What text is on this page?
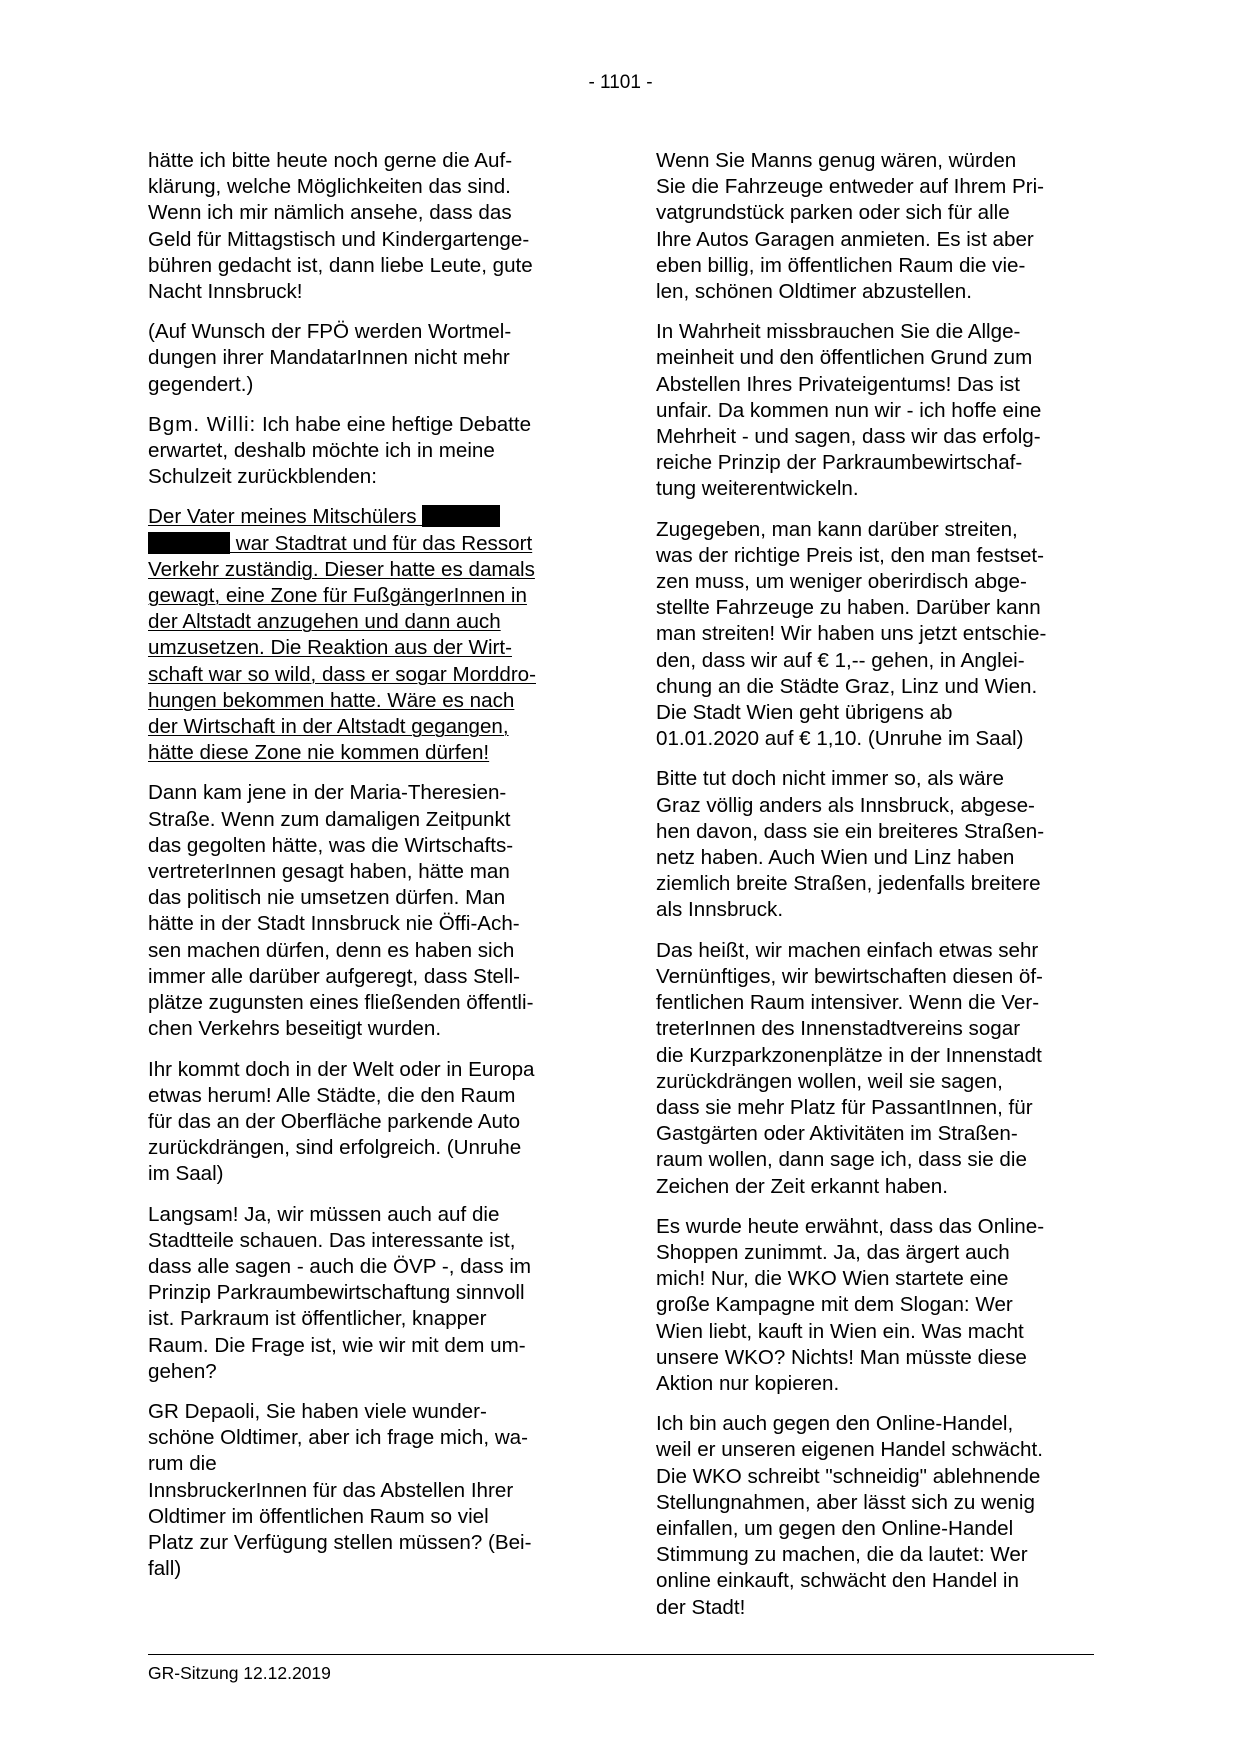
- 1101 -

hätte ich bitte heute noch gerne die Auf-
klärung, welche Möglichkeiten das sind.
Wenn ich mir nämlich ansehe, dass das
Geld für Mittagstisch und Kindergartenge-
bühren gedacht ist, dann liebe Leute, gute
Nacht Innsbruck!

(Auf Wunsch der FPÖ werden Wortmel-
dungen ihrer MandatarInnen nicht mehr
gegendert.)

Bgm. Willi: Ich habe eine heftige Debatte
erwartet, deshalb möchte ich in meine
Schulzeit zurückblenden:

Der Vater meines Mitschülers
war Stadtrat und für das Ressort
Verkehr zuständig. Dieser hatte es damals
gewagt, eine Zone für FußgängerInnen in
der Altstadt anzugehen und dann auch
umzusetzen. Die Reaktion aus der Wirt-
schaft war so wild, dass er sogar Morddro-
hungen bekommen hatte. Wäre es nach
der Wirtschaft in der Altstadt gegangen,
hätte diese Zone nie kommen dürfen!

Dann kam jene in der Maria-Theresien-
Straße. Wenn zum damaligen Zeitpunkt
das gegolten hätte, was die Wirtschafts-
vertreterInnen gesagt haben, hätte man
das politisch nie umsetzen dürfen. Man
hätte in der Stadt Innsbruck nie Öffi-Ach-
sen machen dürfen, denn es haben sich
immer alle darüber aufgeregt, dass Stell-
plätze zugunsten eines fließenden öffentli-
chen Verkehrs beseitigt wurden.

Ihr kommt doch in der Welt oder in Europa
etwas herum! Alle Städte, die den Raum
für das an der Oberfläche parkende Auto
zurückdrängen, sind erfolgreich. (Unruhe
im Saal)

Langsam! Ja, wir müssen auch auf die
Stadtteile schauen. Das interessante ist,
dass alle sagen - auch die ÖVP -, dass im
Prinzip Parkraumbewirtschaftung sinnvoll
ist. Parkraum ist öffentlicher, knapper
Raum. Die Frage ist, wie wir mit dem um-
gehen?

GR Depaoli, Sie haben viele wunder-
schöne Oldtimer, aber ich frage mich, wa-
rum die
InnsbruckerInnen für das Abstellen Ihrer
Oldtimer im öffentlichen Raum so viel
Platz zur Verfügung stellen müssen? (Bei-
fall)

Wenn Sie Manns genug wären, würden
Sie die Fahrzeuge entweder auf Ihrem Pri-
vatgrundstück parken oder sich für alle
Ihre Autos Garagen anmieten. Es ist aber
eben billig, im öffentlichen Raum die vie-
len, schönen Oldtimer abzustellen.

In Wahrheit missbrauchen Sie die Allge-
meinheit und den öffentlichen Grund zum
Abstellen Ihres Privateigentums! Das ist
unfair. Da kommen nun wir - ich hoffe eine
Mehrheit - und sagen, dass wir das erfolg-
reiche Prinzip der Parkraumbewirtschaf-
tung weiterentwickeln.

Zugegeben, man kann darüber streiten,
was der richtige Preis ist, den man festset-
zen muss, um weniger oberirdisch abge-
stellte Fahrzeuge zu haben. Darüber kann
man streiten! Wir haben uns jetzt entschie-
den, dass wir auf € 1,-- gehen, in Anglei-
chung an die Städte Graz, Linz und Wien.
Die Stadt Wien geht übrigens ab
01.01.2020 auf € 1,10. (Unruhe im Saal)

Bitte tut doch nicht immer so, als wäre
Graz völlig anders als Innsbruck, abgese-
hen davon, dass sie ein breiteres Straßen-
netz haben. Auch Wien und Linz haben
ziemlich breite Straßen, jedenfalls breitere
als Innsbruck.

Das heißt, wir machen einfach etwas sehr
Vernünftiges, wir bewirtschaften diesen öf-
fentlichen Raum intensiver. Wenn die Ver-
treterInnen des Innenstadtvereins sogar
die Kurzparkzonenplätze in der Innenstadt
zurückdrängen wollen, weil sie sagen,
dass sie mehr Platz für PassantInnen, für
Gastgärten oder Aktivitäten im Straßen-
raum wollen, dann sage ich, dass sie die
Zeichen der Zeit erkannt haben.

Es wurde heute erwähnt, dass das Online-
Shoppen zunimmt. Ja, das ärgert auch
mich! Nur, die WKO Wien startete eine
große Kampagne mit dem Slogan: Wer
Wien liebt, kauft in Wien ein. Was macht
unsere WKO? Nichts! Man müsste diese
Aktion nur kopieren.

Ich bin auch gegen den Online-Handel,
weil er unseren eigenen Handel schwächt.
Die WKO schreibt "schneidig" ablehnende
Stellungnahmen, aber lässt sich zu wenig
einfallen, um gegen den Online-Handel
Stimmung zu machen, die da lautet: Wer
online einkauft, schwächt den Handel in
der Stadt!

GR-Sitzung 12.12.2019
